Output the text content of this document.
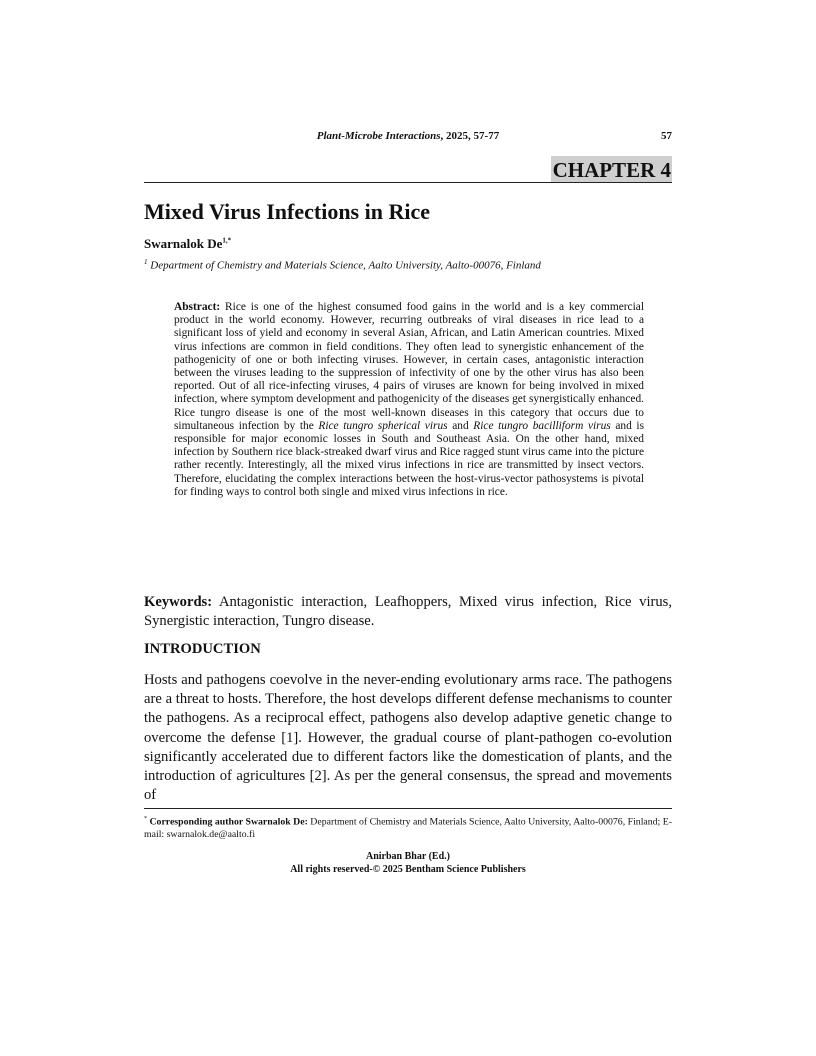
Plant-Microbe Interactions, 2025, 57-77	57
CHAPTER 4
Mixed Virus Infections in Rice
Swarnalok $De^{1,*}$
$^1$ Department of Chemistry and Materials Science, Aalto University, Aalto-00076, Finland

Abstract: Rice is one of the highest consumed food gains in the world and is a key commercial product in the world economy. However, recurring outbreaks of viral diseases in rice lead to a significant loss of yield and economy in several Asian, African, and Latin American countries. Mixed virus infections are common in field conditions. They often lead to synergistic enhancement of the pathogenicity of one or both infecting viruses. However, in certain cases, antagonistic interaction between the viruses leading to the suppression of infectivity of one by the other virus has also been reported. Out of all rice-infecting viruses, 4 pairs of viruses are known for being involved in mixed infection, where symptom development and pathogenicity of the diseases get synergistically enhanced. Rice tungro disease is one of the most well-known diseases in this category that occurs due to simultaneous infection by the Rice tungro spherical virus and Rice tungro bacilliform virus and is responsible for major economic losses in South and Southeast Asia. On the other hand, mixed infection by Southern rice black-streaked dwarf virus and Rice ragged stunt virus came into the picture rather recently. Interestingly, all the mixed virus infections in rice are transmitted by insect vectors. Therefore, elucidating the complex interactions between the host-virus-vector pathosystems is pivotal for finding ways to control both single and mixed virus infections in rice.

Keywords: Antagonistic interaction, Leafhoppers, Mixed virus infection, Rice virus, Synergistic interaction, Tungro disease.

INTRODUCTION

Hosts and pathogens coevolve in the never-ending evolutionary arms race. The pathogens are a threat to hosts. Therefore, the host develops different defense mechanisms to counter the pathogens. As a reciprocal effect, pathogens also develop adaptive genetic change to overcome the defense [1]. However, the gradual course of plant-pathogen co-evolution significantly accelerated due to different factors like the domestication of plants, and the introduction of agricultures [2]. As per the general consensus, the spread and movements of

* Corresponding author Swarnalok De: Department of Chemistry and Materials Science, Aalto University, Aalto-00076, Finland; E-mail: swarnalok.de@aalto.fi

Anirban Bhar (Ed.)
All rights reserved-© 2025 Bentham Science Publishers
